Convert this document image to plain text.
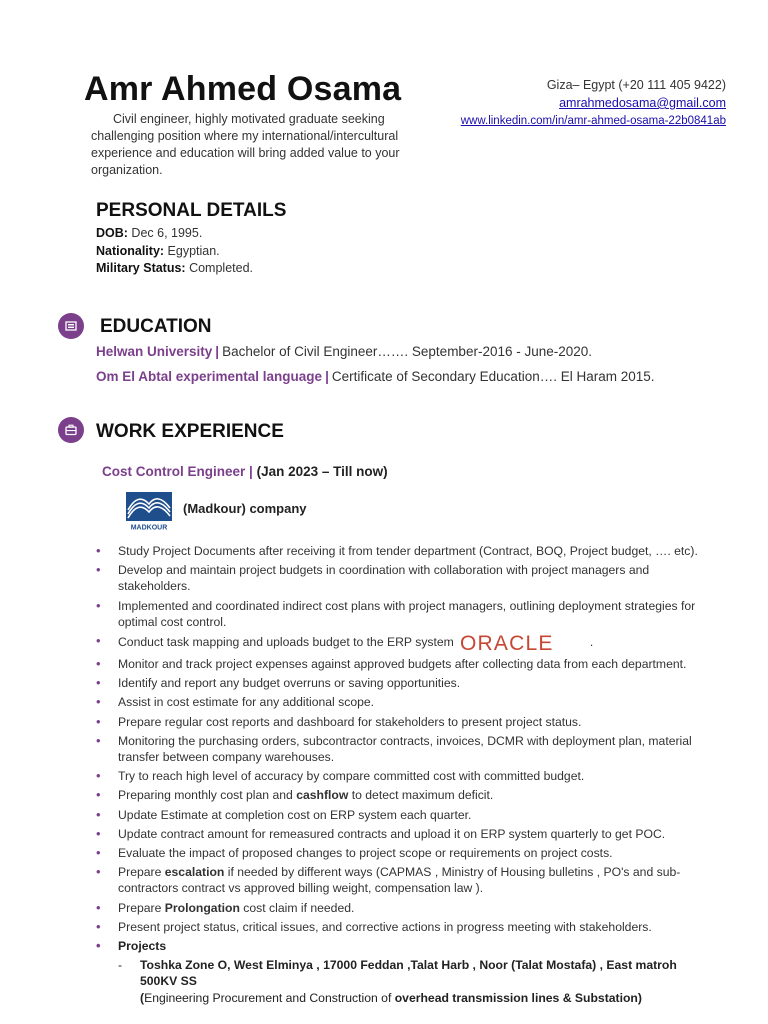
Amr Ahmed Osama
Civil engineer, highly motivated graduate seeking challenging position where my international/intercultural experience and education will bring added value to your organization.
Giza– Egypt (+20 111 405 9422)
amrahmedosama@gmail.com
www.linkedin.com/in/amr-ahmed-osama-22b0841ab
PERSONAL DETAILS
DOB: Dec 6, 1995.
Nationality: Egyptian.
Military Status: Completed.
EDUCATION
Helwan University | Bachelor of Civil Engineer……. September-2016 - June-2020.
Om El Abtal experimental language | Certificate of Secondary Education…. El Haram 2015.
WORK EXPERIENCE
Cost Control Engineer | (Jan 2023 – Till now)
MADKOUR
(Madkour) company
• Study Project Documents after receiving it from tender department (Contract, BOQ, Project budget, …. etc).
• Develop and maintain project budgets in coordination with collaboration with project managers and stakeholders.
• Implemented and coordinated indirect cost plans with project managers, outlining deployment strategies for optimal cost control.
• Conduct task mapping and uploads budget to the ERP system ORACLE	.
• Monitor and track project expenses against approved budgets after collecting data from each department.
• Identify and report any budget overruns or saving opportunities.
• Assist in cost estimate for any additional scope.
• Prepare regular cost reports and dashboard for stakeholders to present project status.
• Monitoring the purchasing orders, subcontractor contracts, invoices, DCMR with deployment plan, material transfer between company warehouses.
• Try to reach high level of accuracy by compare committed cost with committed budget.
• Preparing monthly cost plan and cashflow to detect maximum deficit.
• Update Estimate at completion cost on ERP system each quarter.
• Update contract amount for remeasured contracts and upload it on ERP system quarterly to get POC.
• Evaluate the impact of proposed changes to project scope or requirements on project costs.
• Prepare escalation if needed by different ways (CAPMAS , Ministry of Housing bulletins , PO's and sub-contractors contract vs approved billing weight, compensation law ).
• Prepare Prolongation cost claim if needed.
• Present project status, critical issues, and corrective actions in progress meeting with stakeholders.
• Projects
- Toshka Zone O, West Elminya , 17000 Feddan ,Talat Harb , Noor (Talat Mostafa) , East matroh 500KV SS
(Engineering Procurement and Construction of overhead transmission lines & Substation)
